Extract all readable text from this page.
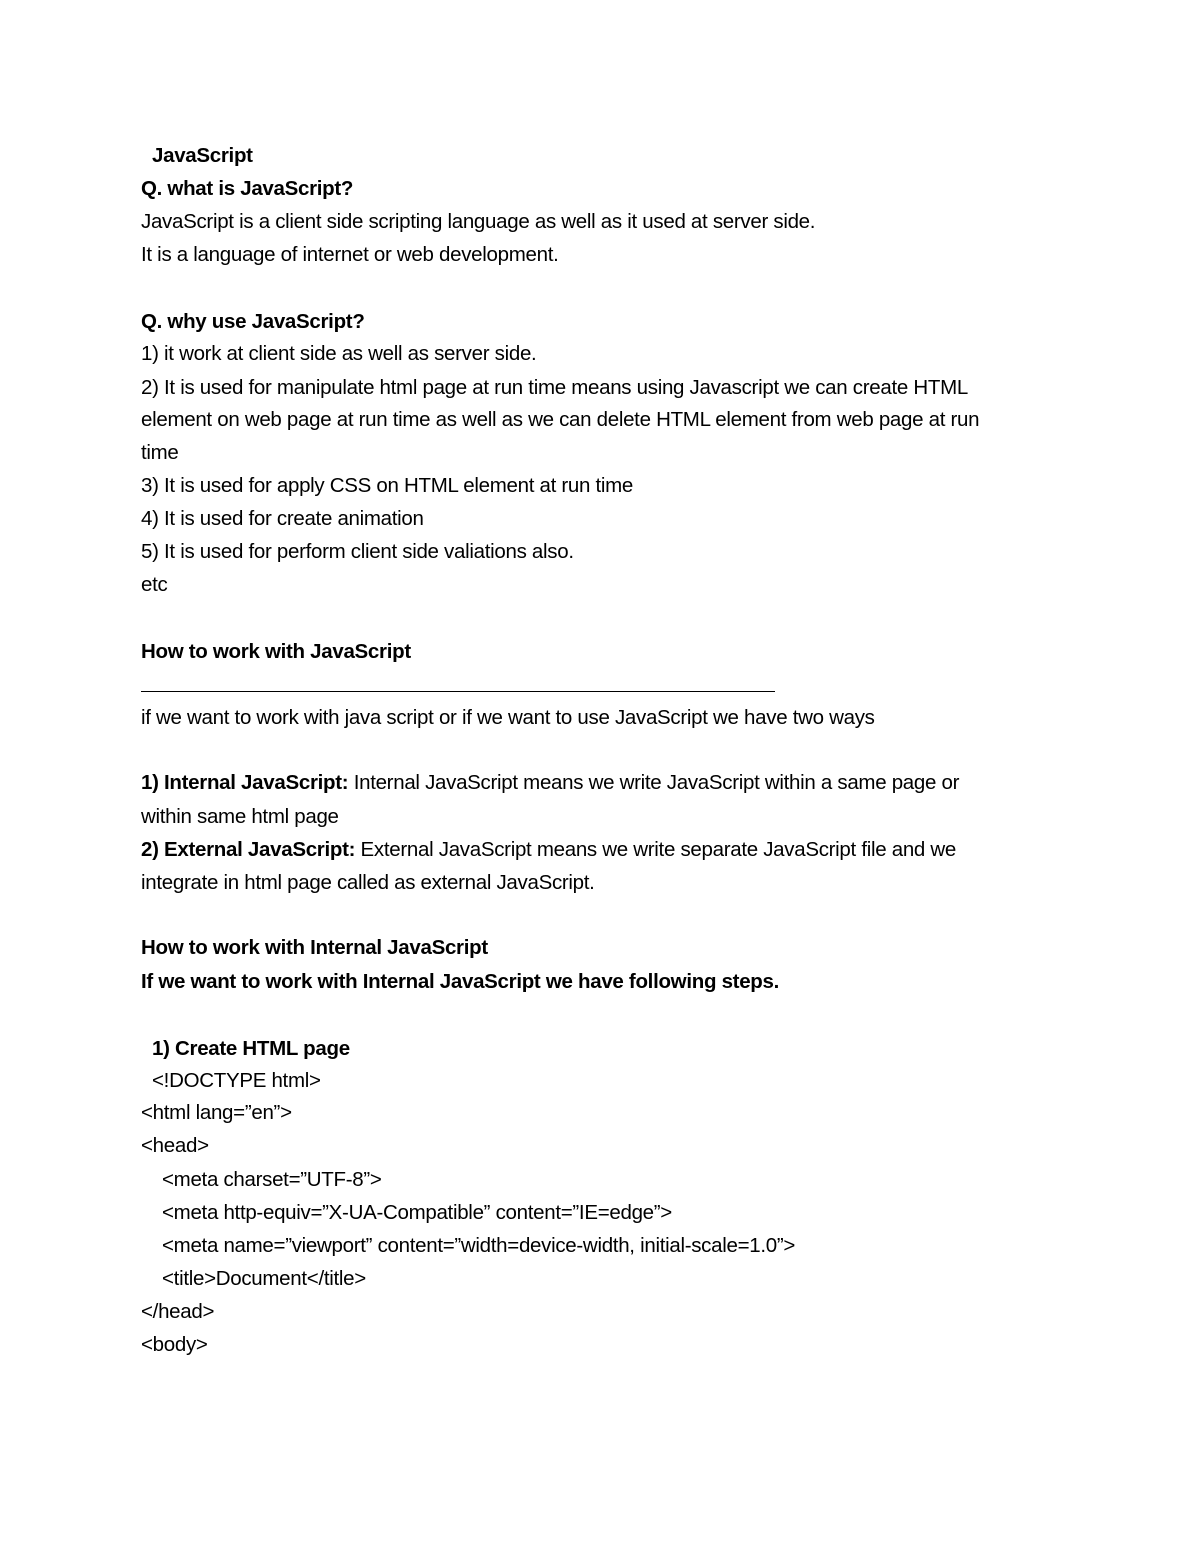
JavaScript
Q. what is JavaScript?
JavaScript is a client side scripting language as well as it used at server side.
It is a language of internet or web development.
Q. why use JavaScript?
1) it work at client side as well as server side.
2) It is used for manipulate html page at run time means using Javascript we can create HTML
element on web page at run time as well as we can delete HTML element from web page at run
time
3) It is used for apply CSS on HTML element at run time
4) It is used for create animation
5) It is used for perform client side valiations also.
etc
How to work with JavaScript
if we want to work with java script or if we want to use JavaScript we have two ways
1) Internal JavaScript: Internal JavaScript means we write JavaScript within a same page or
within same html page
2) External JavaScript: External JavaScript means we write separate JavaScript file and we
integrate in html page called as external JavaScript.
How to work with Internal JavaScript
If we want to work with Internal JavaScript we have following steps.
1) Create HTML page
<!DOCTYPE html>
<html lang=”en”>
<head>
<meta charset=”UTF-8”>
<meta http-equiv=”X-UA-Compatible” content=”IE=edge”>
<meta name=”viewport” content=”width=device-width, initial-scale=1.0”>
<title>Document</title>
</head>
<body>
